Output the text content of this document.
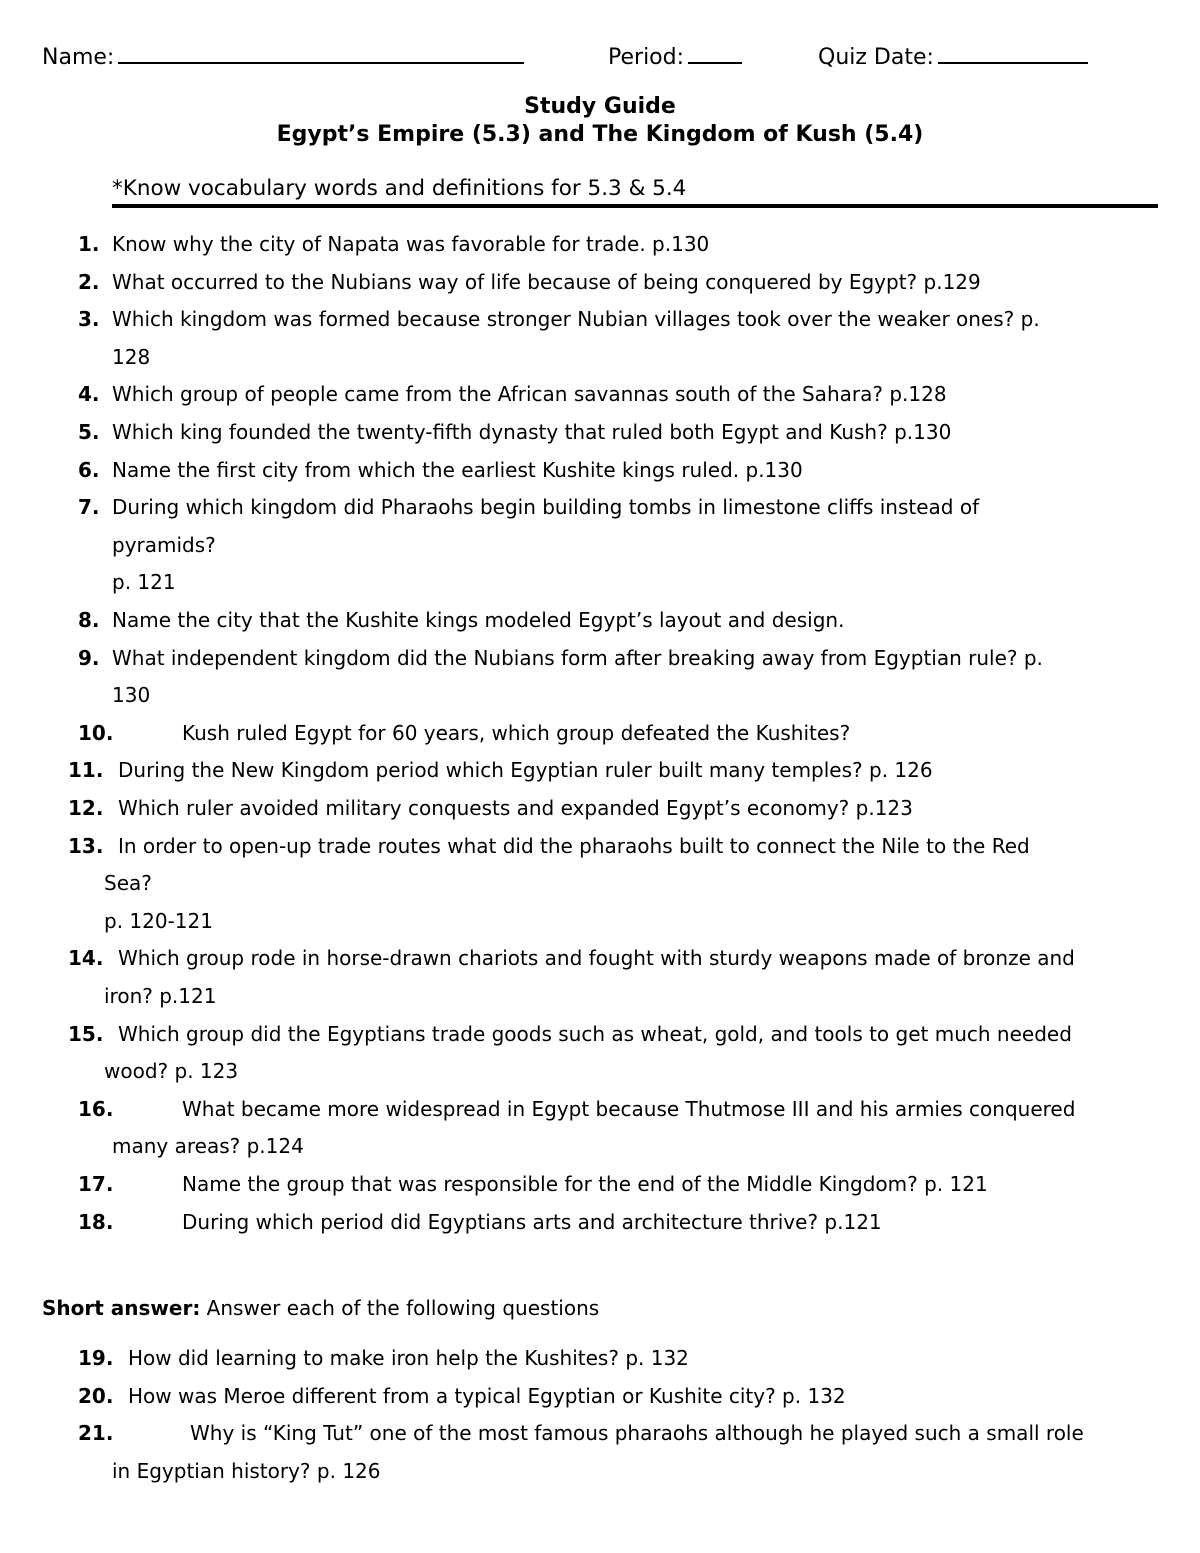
Name:	Period:	Quiz Date:
Study Guide
Egypt’s Empire (5.3) and The Kingdom of Kush (5.4)
*Know vocabulary words and definitions for 5.3 & 5.4
1. Know why the city of Napata was favorable for trade. p.130
2. What occurred to the Nubians way of life because of being conquered by Egypt? p.129
3. Which kingdom was formed because stronger Nubian villages took over the weaker ones? p.
128
4. Which group of people came from the African savannas south of the Sahara? p.128
5. Which king founded the twenty-fifth dynasty that ruled both Egypt and Kush? p.130
6. Name the first city from which the earliest Kushite kings ruled. p.130
7. During which kingdom did Pharaohs begin building tombs in limestone cliffs instead of
pyramids?
p. 121
8. Name the city that the Kushite kings modeled Egypt’s layout and design.
9. What independent kingdom did the Nubians form after breaking away from Egyptian rule? p.
130
10.	Kush ruled Egypt for 60 years, which group defeated the Kushites?
11. During the New Kingdom period which Egyptian ruler built many temples? p. 126
12. Which ruler avoided military conquests and expanded Egypt’s economy? p.123
13. In order to open-up trade routes what did the pharaohs built to connect the Nile to the Red
Sea?
p. 120-121
14. Which group rode in horse-drawn chariots and fought with sturdy weapons made of bronze and
iron? p.121
15. Which group did the Egyptians trade goods such as wheat, gold, and tools to get much needed
wood? p. 123
16.	What became more widespread in Egypt because Thutmose III and his armies conquered
many areas? p.124
17.	Name the group that was responsible for the end of the Middle Kingdom? p. 121
18.	During which period did Egyptians arts and architecture thrive? p.121
Short answer: Answer each of the following questions
19. How did learning to make iron help the Kushites? p. 132
20. How was Meroe different from a typical Egyptian or Kushite city? p. 132
21.	Why is “King Tut” one of the most famous pharaohs although he played such a small role
in Egyptian history? p. 126
